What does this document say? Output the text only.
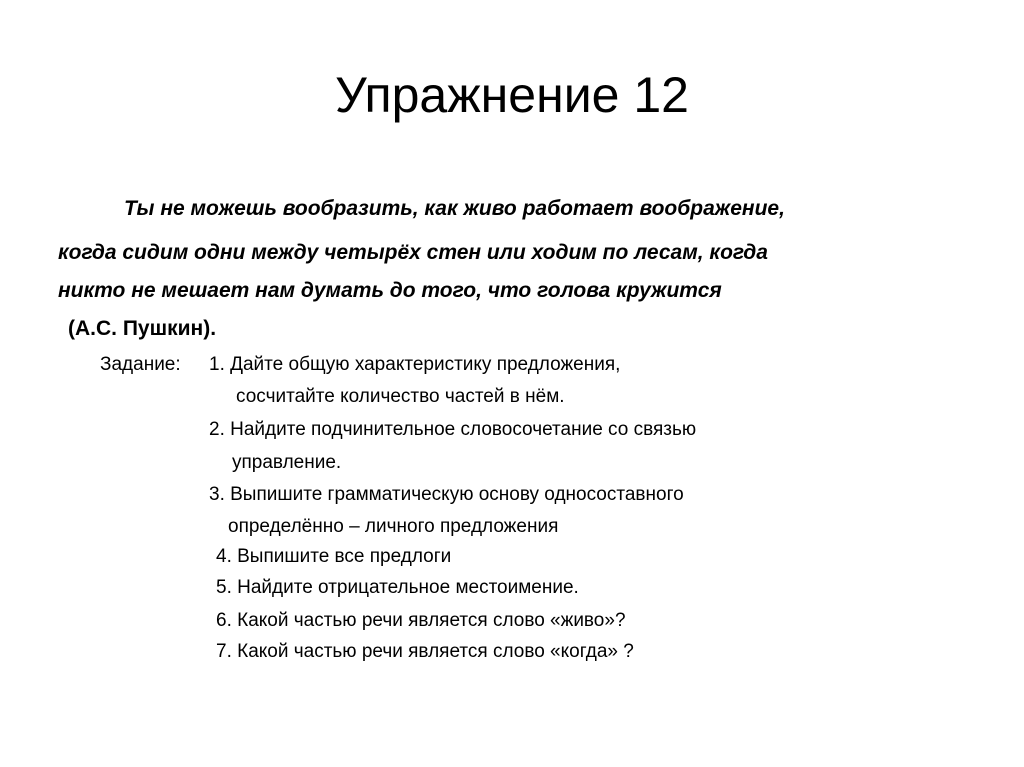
Упражнение 12
Ты не можешь вообразить, как живо работает воображение,
когда сидим одни между четырёх стен или ходим по лесам, когда
никто не мешает нам думать до того, что голова кружится
(А.С. Пушкин).
Задание: 1. Дайте общую характеристику предложения,
сосчитайте количество частей в нём.
2. Найдите подчинительное словосочетание со связью
управление.
3. Выпишите грамматическую основу односоставного
определённо – личного предложения
4. Выпишите все предлоги
5. Найдите отрицательное местоимение.
6. Какой частью речи является слово «живо»?
7. Какой частью речи является слово «когда» ?
